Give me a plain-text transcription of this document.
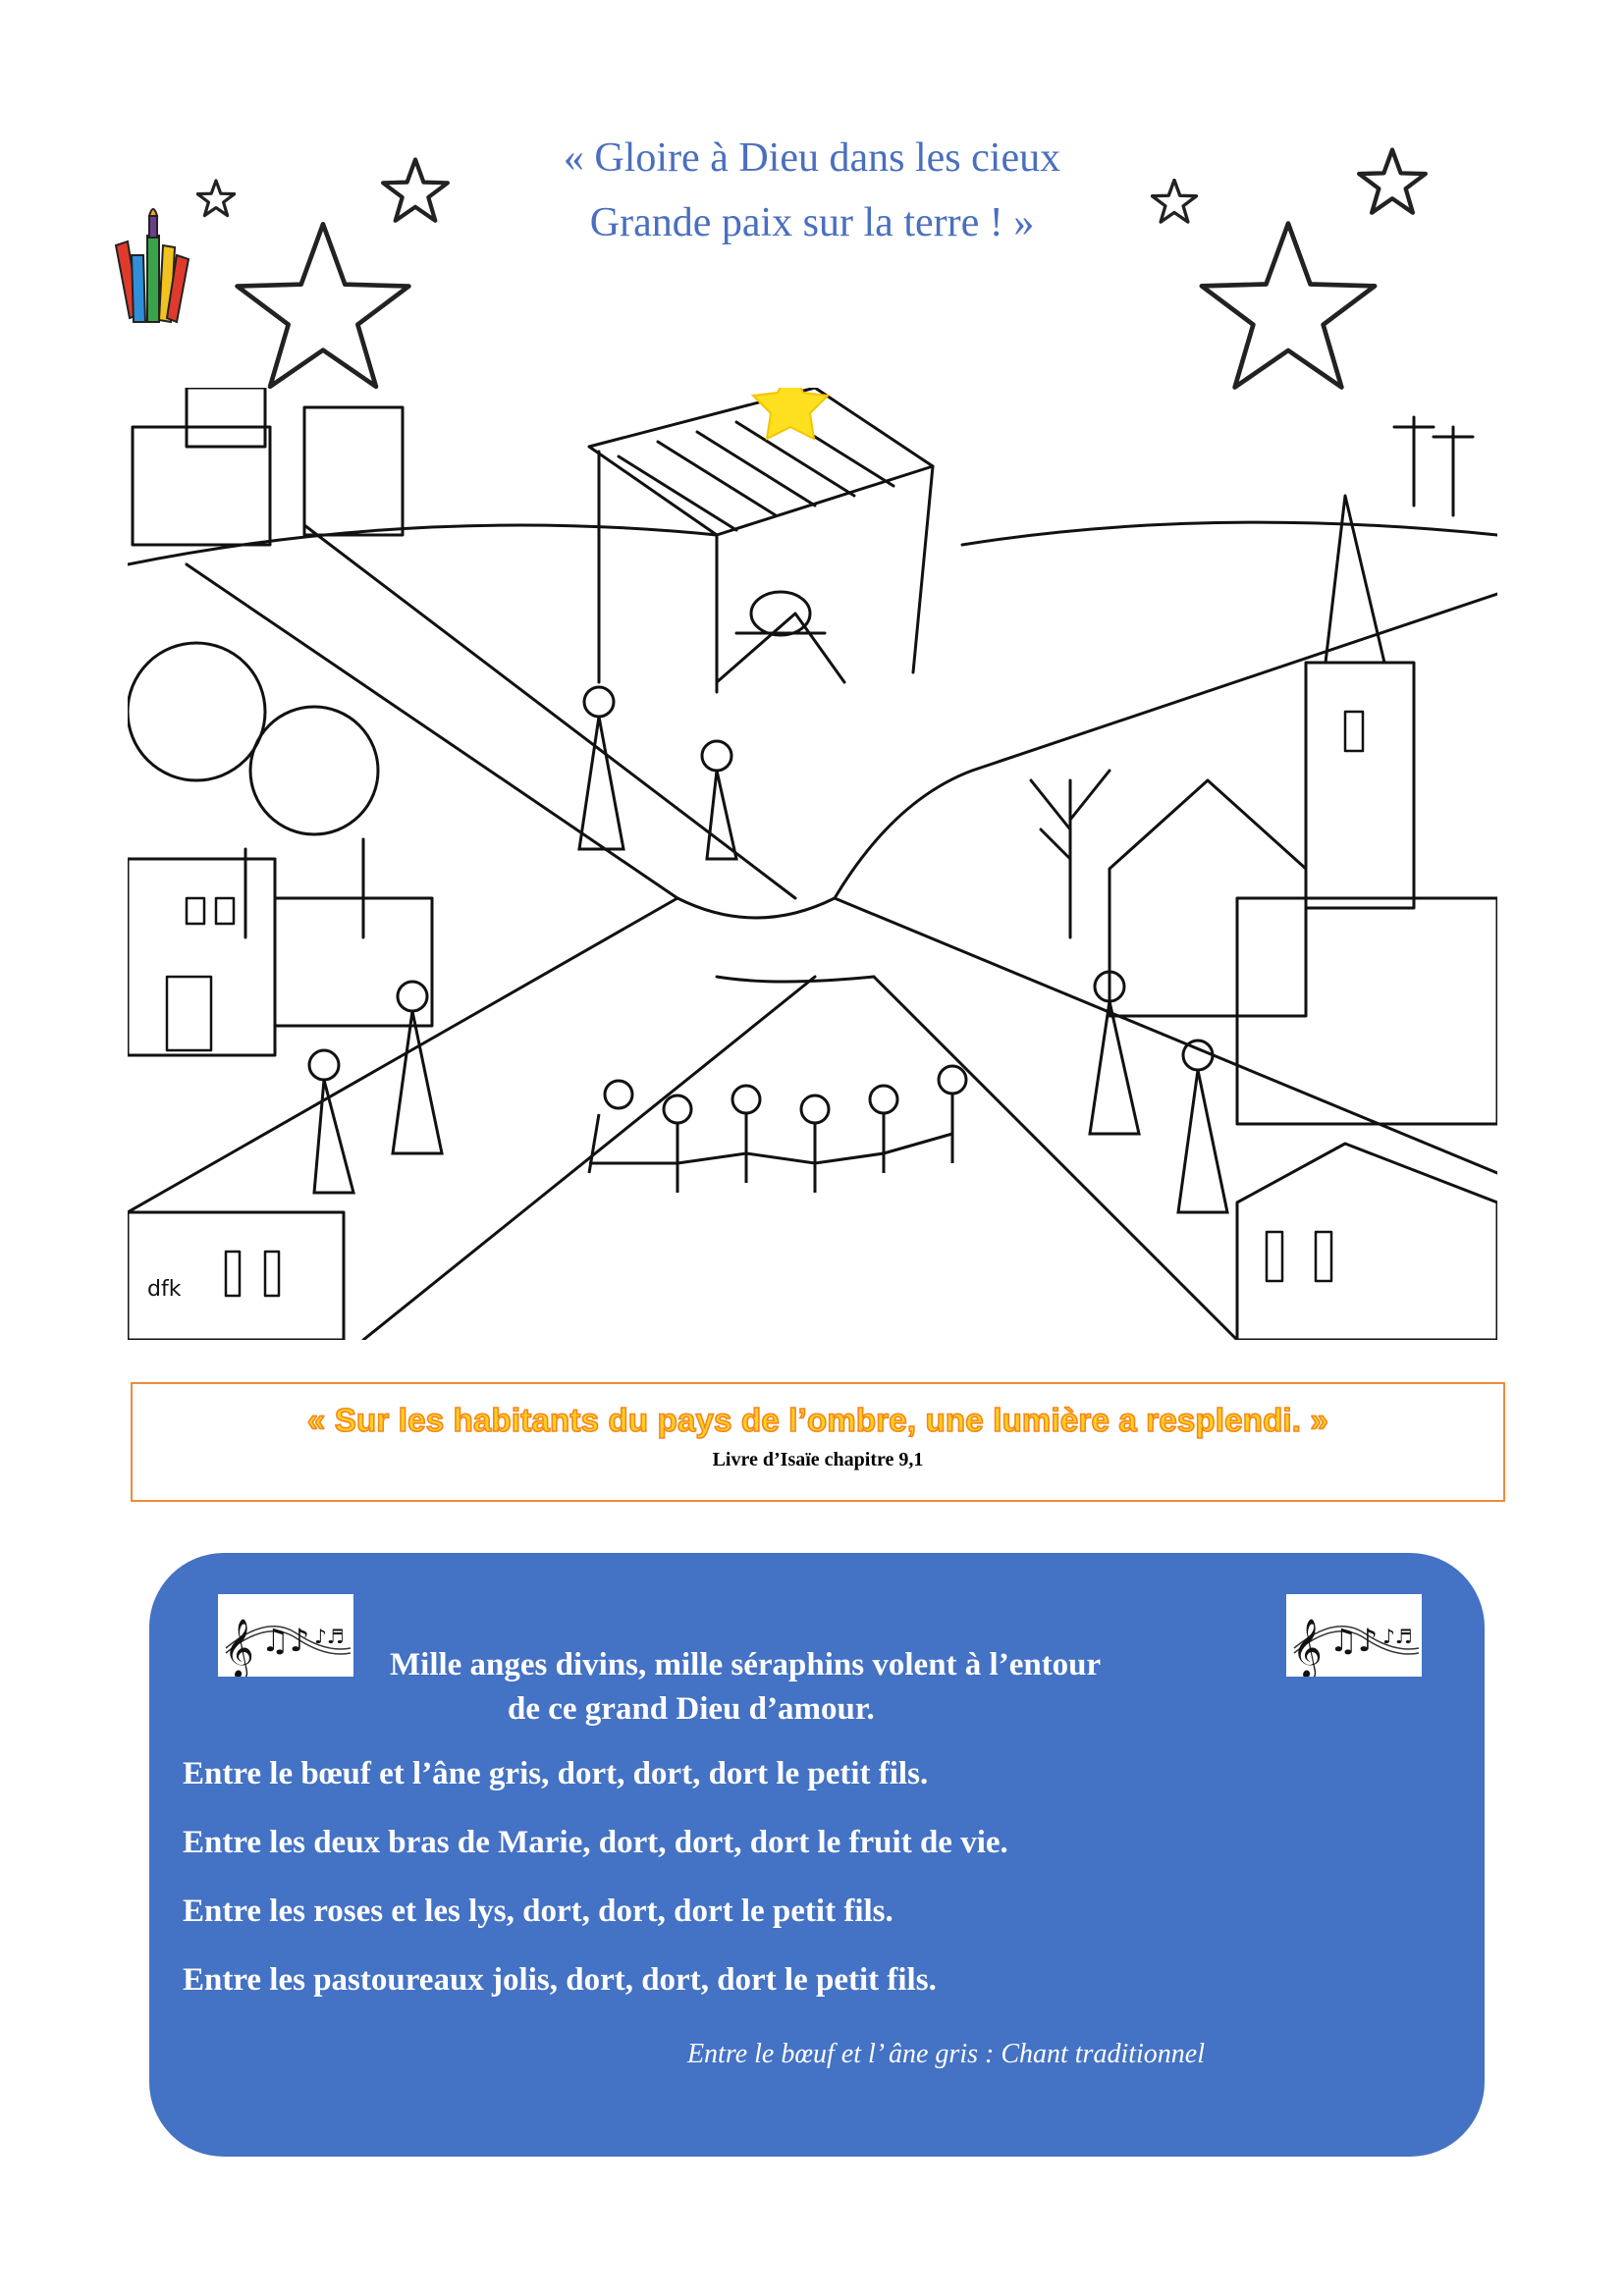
« Gloire à Dieu dans les cieux
Grande paix sur la terre ! »
dfk
« Sur les habitants du pays de l’ombre, une lumière a resplendi. »
Livre d’Isaïe chapitre 9,1
𝄞 ♫♪ ♪♬	𝄞 ♫♪ ♪♬
Mille anges divins, mille séraphins volent à l’entour
de ce grand Dieu d’amour.
Entre le bœuf et l’âne gris, dort, dort, dort le petit fils.
Entre les deux bras de Marie, dort, dort, dort le fruit de vie.
Entre les roses et les lys, dort, dort, dort le petit fils.
Entre les pastoureaux jolis, dort, dort, dort le petit fils.
Entre le bœuf et l’ âne gris : Chant traditionnel
